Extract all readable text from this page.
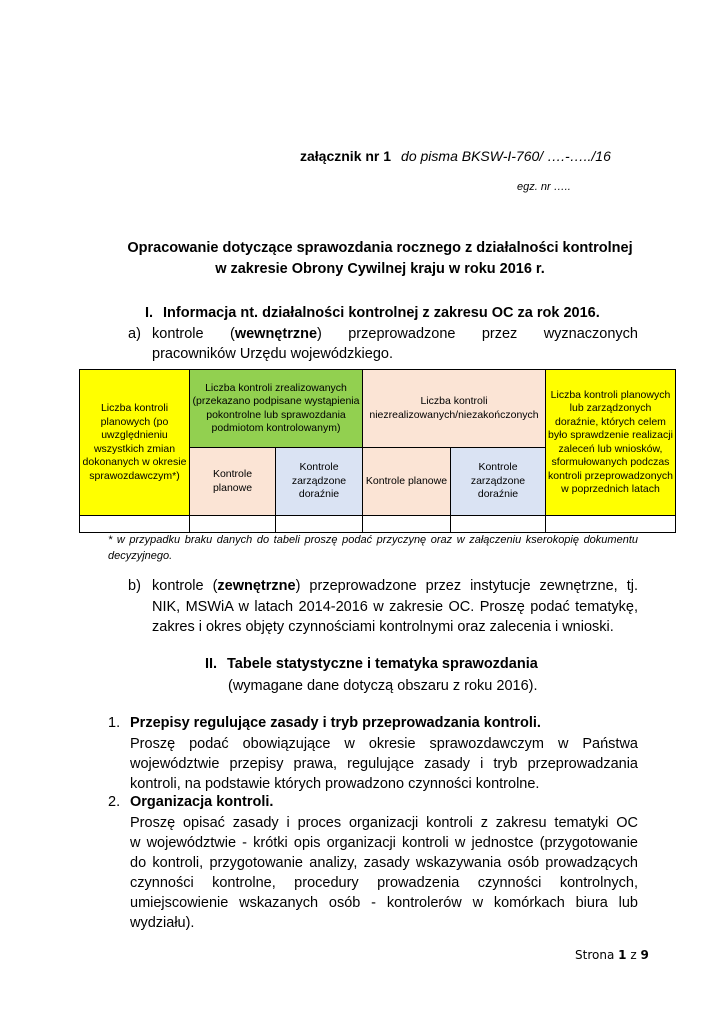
załącznik nr 1 do pisma BKSW-I-760/ ….-…../16
egz. nr …..
Opracowanie dotyczące sprawozdania rocznego z działalności kontrolnej
w zakresie Obrony Cywilnej kraju w roku 2016 r.
I. Informacja nt. działalności kontrolnej z zakresu OC za rok 2016.
a) kontrole (wewnętrzne) przeprowadzone przez wyznaczonych
pracowników Urzędu wojewódzkiego.
Liczba kontroli planowych (po uwzględnieniu wszystkich zmian dokonanych w okresie sprawozdawczym*)	Liczba kontroli zrealizowanych (przekazano podpisane wystąpienia pokontrolne lub sprawozdania podmiotom kontrolowanym)		Liczba kontroli niezrealizowanych/niezakończonych		Liczba kontroli planowych lub zarządzonych doraźnie, których celem było sprawdzenie realizacji zaleceń lub wniosków, sformułowanych podczas kontroli przeprowadzonych w poprzednich latach
	Kontrole planowe	Kontrole zarządzone doraźnie	Kontrole planowe	Kontrole zarządzone doraźnie	

* w przypadku braku danych do tabeli proszę podać przyczynę oraz w załączeniu kserokopię dokumentu decyzyjnego.
b) kontrole (zewnętrzne) przeprowadzone przez instytucje zewnętrzne, tj.
NIK, MSWiA w latach 2014-2016 w zakresie OC. Proszę podać tematykę,
zakres i okres objęty czynnościami kontrolnymi oraz zalecenia i wnioski.
II. Tabele statystyczne i tematyka sprawozdania
(wymagane dane dotyczą obszaru z roku 2016).
1. Przepisy regulujące zasady i tryb przeprowadzania kontroli.
Proszę podać obowiązujące w okresie sprawozdawczym w Państwa
województwie przepisy prawa, regulujące zasady i tryb przeprowadzania
kontroli, na podstawie których prowadzono czynności kontrolne.
2. Organizacja kontroli.
Proszę opisać zasady i proces organizacji kontroli z zakresu tematyki OC
w województwie - krótki opis organizacji kontroli w jednostce (przygotowanie
do kontroli, przygotowanie analizy, zasady wskazywania osób prowadzących
czynności kontrolne, procedury prowadzenia czynności kontrolnych,
umiejscowienie wskazanych osób - kontrolerów w komórkach biura lub
wydziału).
Strona 1 z 9
